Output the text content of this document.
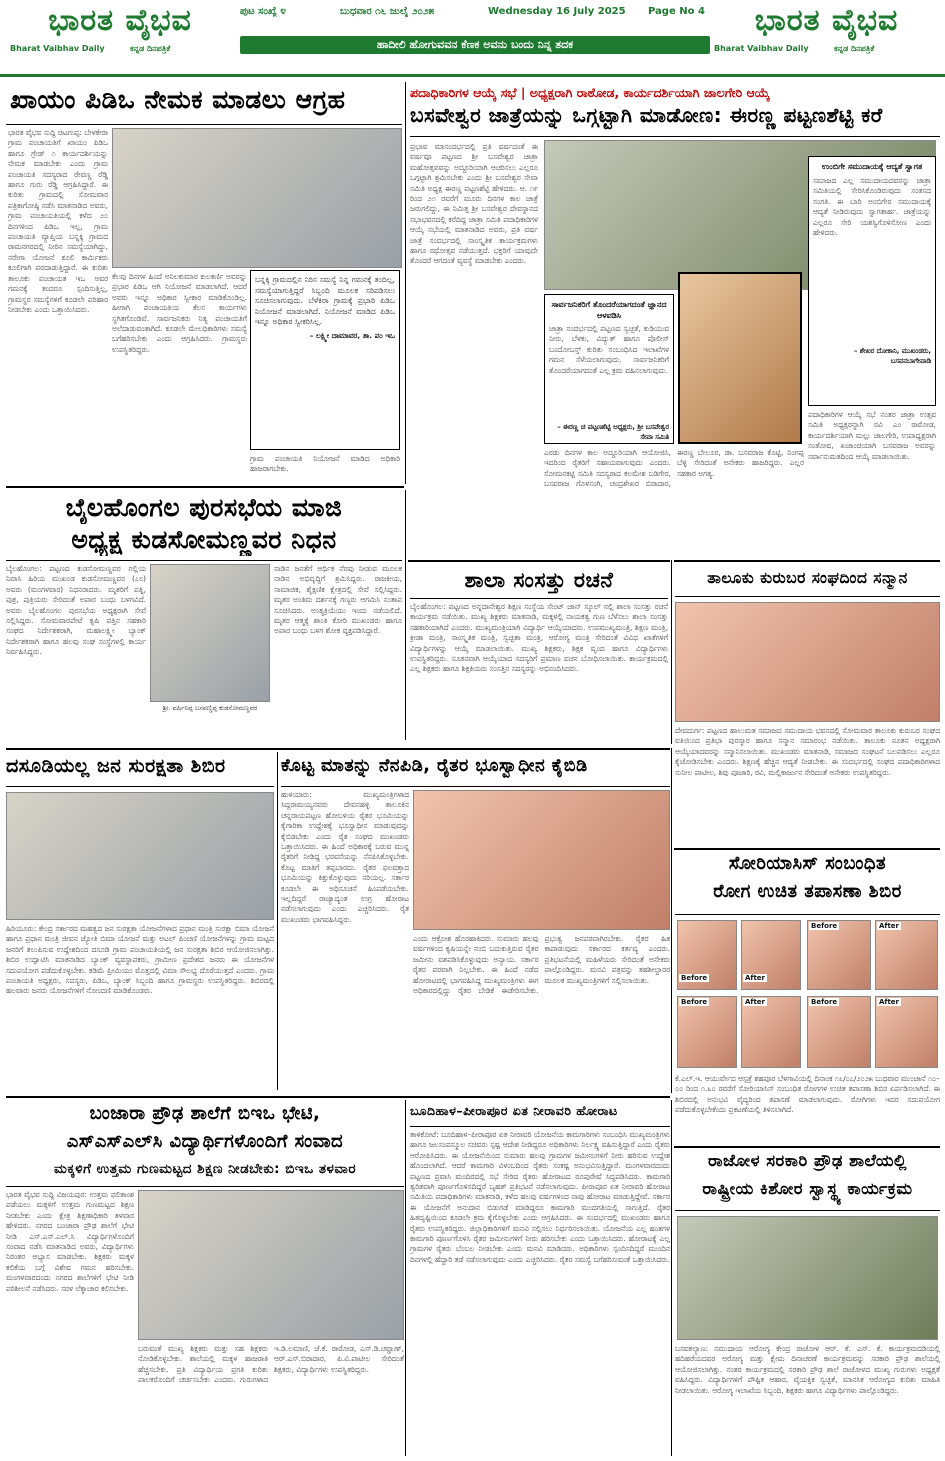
ಭಾರತ ವೈಭವ
Bharat Vaibhav Daily	ಕನ್ನಡ ದಿನಪತ್ರಿಕೆ
ಪುಟ ಸಂಖ್ಯೆ ೪	ಬುಧವಾರ ೧೬ ಜುಲೈ ೨೦೨೫	Wednesday 16 July 2025 Page No 4
ಹಾದೀಲಿ ಹೋಗುವವನ ಕೆಣಕ ಅವನು ಬಂದು ನಿನ್ನ ತದಕ
ಭಾರತ ವೈಭವ
Bharat Vaibhav Daily	ಕನ್ನಡ ದಿನಪತ್ರಿಕೆ
ಖಾಯಂ ಪಿಡಿಒ ನೇಮಕ ಮಾಡಲು ಆಗ್ರಹ
ಭಾರತ ವೈಭವ ಸುದ್ದಿ ಚಿಟಗುಪ್ಪ: ಬೇಳಕೇರಾ ಗ್ರಾಮ ಪಂಚಾಯತಿಗೆ ಖಾಯಂ ಪಿಡಿಒ ಹಾಗೂ ಗ್ರೇಡ್ ೧ ಕಾರ್ಯದರ್ಶಿಯನ್ನು ನೇಮಕ ಮಾಡಬೇಕು ಎಂದು ಗ್ರಾಮ ಪಂಚಾಯತಿ ಸದಸ್ಯರಾದ ರೇವಣ್ಣ ರೆಡ್ಡಿ ಹಾಗೂ ಗುರು ರೆಡ್ಡಿ ಆಗ್ರಹಿಸಿದ್ದಾರೆ. ಈ ಕುರಿತು ಗ್ರಾಮದಲ್ಲಿ ಸೋಮವಾರ ಪತ್ರಿಕಾಗೋಷ್ಠಿ ನಡೆಸಿ ಮಾತನಾಡಿದ ಅವರು, ಗ್ರಾಮ ಪಂಚಾಯತಿಯಲ್ಲಿ ಕಳೆದ ೨೦ ದಿನಗಳಿಂದ ಪಿಡಿಒ ಇಲ್ಲ, ಗ್ರಾಮ ಪಂಚಾಯತಿ ವ್ಯಾಪ್ತಿಯ ಬನ್ನಕ್ಕಿ ಗ್ರಾಮದ ರಾಮನಗರದಲ್ಲಿ ನೀರಿನ ಸಮಸ್ಯೆಯಾಗಿದ್ದು, ನರೇಗಾ ಯೋಜನೆ ಕೂಲಿ ಕಾರ್ಮಿಕರು ಕೂಲಿಗಾಗಿ ಪರದಾಡುತ್ತಿದ್ದಾರೆ. ಈ ಕುರಿತು ತಾಲೂಕು ಪಂಚಾಯತ ಇಒ ಅವರ ಗಮನಕ್ಕೆ ತಂದರೂ ಸ್ಪಂದಿಸುತ್ತಿಲ್ಲ, ಗ್ರಾಮಸ್ಥರ ಸಮಸ್ಯೆಗಳಿಗೆ ಕೂಡಲೇ ಪರಿಹಾರ ನೀಡಬೇಕು ಎಂದು ಒತ್ತಾಯಿಸಿದರು.
ಕೆಲವು ದಿನಗಳ ಹಿಂದೆ ಅನಿಲಕುಮಾರ ಕುಲಕರ್ಣಿ ಅವರನ್ನು ಪ್ರಭಾರ ಪಿಡಿಒ ಆಗಿ ನಿಯೋಜನೆ ಮಾಡಲಾಗಿದೆ. ಆದರೆ ಅವರು ಇನ್ನೂ ಅಧಿಕಾರ ಸ್ವೀಕಾರ ಮಾಡಿಕೊಂಡಿಲ್ಲ. ಹೀಗಾಗಿ ಪಂಚಾಯತಿಯ ಕೆಲಸ ಕಾರ್ಯಗಳು ಸ್ಥಗಿತಗೊಂಡಿವೆ. ಸಾರ್ವಜನಿಕರು ನಿತ್ಯ ಪಂಚಾಯತಿಗೆ ಅಲೆದಾಡುವಂತಾಗಿದೆ. ಕೂಡಲೇ ಮೇಲಧಿಕಾರಿಗಳು ಸಮಸ್ಯೆ ಬಗೆಹರಿಸಬೇಕು ಎಂದು ಆಗ್ರಹಿಸಿದರು. ಗ್ರಾಮಸ್ಥರು ಉಪಸ್ಥಿತರಿದ್ದರು.
ಬನ್ನಕ್ಕಿ ಗ್ರಾಮದಲ್ಲಿನ ನಿರಿಸ ಸಮಸ್ಯೆ ನಿನ್ನ ಗಮನಕ್ಕೆ ತಂದಿಲ್ಲ, ಸಮಸ್ಯೆಯಾಗುತ್ತಿದ್ದರೆ ಸಿಬ್ಬಂದಿ ಮೂಲಕ ಸರಿಪಡಿಸಲು ಸೂಚಿಸಲಾಗುವುದು. ಬೆಳೆಕಿರಾ ಗ್ರಾಮಕ್ಕೆ ಪ್ರಭಾರಿ ಪಿಡಿಒ ನಿಯೋಜನೆ ಮಾಡಲಾಗಿದೆ. ನಿಯೋಜನೆ ಮಾಡಿದ ಪಿಡಿಒ ಇನ್ನೂ ಅಧಿಕಾರ ಸ್ವೀಕರಿಸಿಲ್ಲ.
– ಲಕ್ಷ್ಮೀ ದಾಮಾವರ, ತಾ. ಪಂ ಇಒ
ಗ್ರಾಮ ಪಂಚಾಯತಿ ನಿಯೋಜನೆ ಮಾಡಿದ ಅಧಿಕಾರಿ ಹಾಜರಾಗಬೇಕು.
ಪದಾಧಿಕಾರಿಗಳ ಆಯ್ಕೆ ಸಭೆ | ಅಧ್ಯಕ್ಷರಾಗಿ ರಾಠೋಡ, ಕಾರ್ಯದರ್ಶಿಯಾಗಿ ಜಾಲಗೇರಿ ಆಯ್ಕೆ
ಬಸವೇಶ್ವರ ಜಾತ್ರೆಯನ್ನು ಒಗ್ಗಟ್ಟಾಗಿ ಮಾಡೋಣ: ಈರಣ್ಣ ಪಟ್ಟಣಶೆಟ್ಟಿ ಕರೆ
ಪ್ರಭಾವ ಮಾಸಂದರ್ಭದಲ್ಲಿ ಪ್ರತಿ ವರ್ಷದಂತೆ ಈ ವರ್ಷವೂ ಪಟ್ಟಣದ ಶ್ರೀ ಬಸವೇಶ್ವರ ಜಾತ್ರಾ ಮಹೋತ್ಸವವನ್ನು ಅದ್ದೂರಿಯಾಗಿ ಆಚರಿಸಲು ಎಲ್ಲರೂ ಒಗ್ಗಟ್ಟಾಗಿ ಶ್ರಮಿಸಬೇಕು ಎಂದು ಶ್ರೀ ಬಸವೇಶ್ವರ ಸೇವಾ ಸಮಿತಿ ಅಧ್ಯಕ್ಷ ಈರಣ್ಣ ಪಟ್ಟಣಶೆಟ್ಟಿ ಹೇಳಿದರು. ಆ. ೧೯ ರಿಂದ ೨೧ ರವರೆಗೆ ಮೂರು ದಿನಗಳ ಕಾಲ ಜಾತ್ರೆ ಜರುಗಲಿದ್ದು, ಈ ನಿಮಿತ್ತ ಶ್ರೀ ಬಸವೇಶ್ವರ ದೇವಸ್ಥಾನದ ಸಭಾಭವನದಲ್ಲಿ ಕರೆದಿದ್ದ ಜಾತ್ರಾ ಸಮಿತಿ ಪದಾಧಿಕಾರಿಗಳ ಆಯ್ಕೆ ಸಭೆಯಲ್ಲಿ ಮಾತನಾಡಿದ ಅವರು, ಪ್ರತಿ ವರ್ಷ ಜಾತ್ರೆ ಸಂದರ್ಭದಲ್ಲಿ ಸಾಂಸ್ಕೃತಿಕ ಕಾರ್ಯಕ್ರಮಗಳು ಹಾಗೂ ರಥೋತ್ಸವ ನಡೆಯುತ್ತದೆ. ಭಕ್ತರಿಗೆ ಯಾವುದೇ ತೊಂದರೆ ಆಗದಂತೆ ವ್ಯವಸ್ಥೆ ಮಾಡಬೇಕು ಎಂದರು.
ಸಾರ್ವಜನಿಕರಿಗೆ ತೊಂದರೆಯಾಗದಂತೆ ಜ್ಞಾನದ ಆಳವಡಿಸಿ
ಜಾತ್ರಾ ಸಂದರ್ಭದಲ್ಲಿ ಪಟ್ಟಣದ ಸ್ವಚ್ಛತೆ, ಕುಡಿಯುವ ನೀರು, ಬೆಳಕು, ವಿದ್ಯುತ್ ಹಾಗೂ ಪೊಲೀಸ್ ಬಂದೋಬಸ್ತ್ ಕುರಿತು ಸಂಬಂಧಿಸಿದ ಇಲಾಖೆಗಳ ಗಮನ ಸೆಳೆಯಲಾಗುವುದು. ಸಾರ್ವಜನಿಕರಿಗೆ ತೊಂದರೆಯಾಗದಂತೆ ಎಲ್ಲ ಕ್ರಮ ವಹಿಸಲಾಗುವುದು.
– ಈರಣ್ಣ ಚ ಪಟ್ಟಣಶೆಟ್ಟಿ ಅಧ್ಯಕ್ಷರು, ಶ್ರೀ ಬಸವೇಶ್ವರ ಸೇವಾ ಸಮಿತಿ
ಉಂಬಿಗೇ ಸಮುದಾಯಕ್ಕೆ ಆದ್ಯತೆ ಸ್ವಾಗತ
ಸಮಾಜದ ಎಲ್ಲ ಸಮುದಾಯದವರನ್ನು ಜಾತ್ರಾ ಸಮಿತಿಯಲ್ಲಿ ಸೇರಿಸಿಕೊಂಡಿರುವುದು ಸಂತಸದ ಸಂಗತಿ. ಈ ಬಾರಿ ಅಂಬಿಗೇರ ಸಮುದಾಯಕ್ಕೆ ಆದ್ಯತೆ ನೀಡಿರುವುದು ಸ್ವಾಗತಾರ್ಹ. ಜಾತ್ರೆಯನ್ನು ಎಲ್ಲರೂ ಸೇರಿ ಯಶಸ್ವಿಗೊಳಿಸೋಣ ಎಂದು ಹೇಳಿದರು.
– ಶೇಖರ ದೋಕಾನಿ, ಮುಖಂಡರು, ಬಸವನಬಾಗೇವಾಡಿ
ಪದಾಧಿಕಾರಿಗಳ ಆಯ್ಕೆ ಸಭೆ ನಂತರ ಜಾತ್ರಾ ಉತ್ಸವ ಸಮಿತಿ ಅಧ್ಯಕ್ಷರನ್ನಾಗಿ ರವಿ ಎಂ ರಾಠೋಡ, ಕಾರ್ಯದರ್ಶಿಯಾಗಿ ಮಲ್ಲು ಜಾಲಗೇರಿ, ಉಪಾಧ್ಯಕ್ಷರಾಗಿ ಸಂತೋಷ, ಖಜಾಂಚಿಯಾಗಿ ಬಸವರಾಜ ಅವರನ್ನು ಸರ್ವಾನುಮತದಿಂದ ಆಯ್ಕೆ ಮಾಡಲಾಯಿತು.
ಎರಡು ದಿನಗಳ ಕಾಲ ಅದ್ದೂರಿಯಾಗಿ ಆಯೋಜಿಸಿ, ಇದರಿಂದ ರೈತರಿಗೆ ಸಹಾಯವಾಗುವುದು ಎಂದರು. ಸೋಮನಕಟ್ಟಿ ಸಮಿತಿ ಸದಸ್ಯರಾದ ಕಲಮೇಶ ಬಡಿಗೇರ, ಬಸವರಾಜ ಗೊಳಸಂಗಿ, ಚಂದ್ರಶೇಖರ ಬಿರಾದಾರ, ಈರಣ್ಣ ಬೇಲೂರ, ಡಾ. ಬಸವರಾಜ ಕೊಟ್ಟಿ, ನಿಂಗಪ್ಪ ಬೆಳ್ಳಿ ಸೇರಿದಂತೆ ಅನೇಕರು ಹಾಜರಿದ್ದರು. ಎಲ್ಲರ ಸಹಕಾರ ಅಗತ್ಯ.
ಬೈಲಹೊಂಗಲ ಪುರಸಭೆಯ ಮಾಜಿ
ಅಧ್ಯಕ್ಷ ಕುಡಸೋಮಣ್ಣವರ ನಿಧನ
ಬೈಲಹೊಂಗಲ: ಪಟ್ಟಣದ ಕುಡಸೋಮಣ್ಣವರ ಗಲ್ಲಿಯ ನಿವಾಸಿ ಹಿರಿಯ ಮುಖಂಡ ಕುಡಸೋಮಣ್ಣವರ (೭೮) ಅವರು (ಮಂಗಳವಾರ) ನಿಧನರಾದರು. ಮೃತರಿಗೆ ಪತ್ನಿ, ಪುತ್ರ, ಪುತ್ರಿಯರು ಸೇರಿದಂತೆ ಅಪಾರ ಬಂಧು ಬಳಗವಿದೆ. ಅವರು ಬೈಲಹೊಂಗಲ ಪುರಸಭೆಯ ಅಧ್ಯಕ್ಷರಾಗಿ ಸೇವೆ ಸಲ್ಲಿಸಿದ್ದರು. ಸೋಮವಾರಪೇಟೆ ಕೃಷಿ ಪತ್ತಿನ ಸಹಕಾರಿ ಸಂಘದ ನಿರ್ದೇಶಕರಾಗಿ, ಮಹಾಲಕ್ಷ್ಮೀ ಬ್ಯಾಂಕ್ ನಿರ್ದೇಶಕರಾಗಿ ಹಾಗೂ ಹಲವು ಸಂಘ ಸಂಸ್ಥೆಗಳಲ್ಲಿ ಕಾರ್ಯ ನಿರ್ವಹಿಸಿದ್ದರು.
ಶ್ರೀ. ವರ್ಷಿನಿಪ್ಪ ಬಸವಣ್ಣಿಪ್ಪ ಕುಡಸೋಮಣ್ಣವರ
ನಾಡಿನ ಜನತೆಗೆ ಆರ್ಥಿಕ ನೆರವು ನೀಡುವ ಮೂಲಕ ನಾಡಿನ ಅಭಿವೃದ್ಧಿಗೆ ಶ್ರಮಿಸಿದ್ದರು. ರಾಜಕೀಯ, ಸಾಮಾಜಿಕ, ಶೈಕ್ಷಣಿಕ ಕ್ಷೇತ್ರದಲ್ಲಿ ಸೇವೆ ಸಲ್ಲಿಸಿದ್ದರು. ಮೃತರ ಅಂತಿಮ ದರ್ಶನಕ್ಕೆ ಗಣ್ಯರು ಆಗಮಿಸಿ ಸಂತಾಪ ಸೂಚಿಸಿದರು. ಅಂತ್ಯಕ್ರಿಯೆಯು ಇಂದು ನಡೆಯಲಿದೆ. ಮೃತರ ಆತ್ಮಕ್ಕೆ ಶಾಂತಿ ಕೋರಿ ಮುಖಂಡರು ಹಾಗೂ ಅಪಾರ ಬಂಧು ಬಳಗ ಶೋಕ ವ್ಯಕ್ತಪಡಿಸಿದ್ದಾರೆ.
ಶಾಲಾ ಸಂಸತ್ತು ರಚನೆ
ಬೈಲಹೊಂಗಲ: ಪಟ್ಟಣದ ಅನ್ನದಾನೇಶ್ವರ ಶಿಕ್ಷಣ ಸಂಸ್ಥೆಯ ಸೇಂಟ್ ಜಾನ್ ಸ್ಕೂಲ್ ನಲ್ಲಿ ಶಾಲಾ ಸಂಸತ್ತು ರಚನೆ ಕಾರ್ಯಕ್ರಮ ನಡೆಯಿತು. ಮುಖ್ಯ ಶಿಕ್ಷಕರು ಮಾತನಾಡಿ, ಮಕ್ಕಳಲ್ಲಿ ನಾಯಕತ್ವ ಗುಣ ಬೆಳೆಸಲು ಶಾಲಾ ಸಂಸತ್ತು ಸಹಕಾರಿಯಾಗಿದೆ ಎಂದರು. ಮುಖ್ಯಮಂತ್ರಿಯಾಗಿ ವಿದ್ಯಾರ್ಥಿ ಆಯ್ಕೆಯಾದರು. ಉಪಮುಖ್ಯಮಂತ್ರಿ, ಶಿಕ್ಷಣ ಮಂತ್ರಿ, ಕ್ರೀಡಾ ಮಂತ್ರಿ, ಸಾಂಸ್ಕೃತಿಕ ಮಂತ್ರಿ, ಸ್ವಚ್ಛತಾ ಮಂತ್ರಿ, ಆರೋಗ್ಯ ಮಂತ್ರಿ ಸೇರಿದಂತೆ ವಿವಿಧ ಖಾತೆಗಳಿಗೆ ವಿದ್ಯಾರ್ಥಿಗಳನ್ನು ಆಯ್ಕೆ ಮಾಡಲಾಯಿತು. ಮುಖ್ಯ ಶಿಕ್ಷಕರು, ಶಿಕ್ಷಕ ವೃಂದ ಹಾಗೂ ವಿದ್ಯಾರ್ಥಿಗಳು ಉಪಸ್ಥಿತರಿದ್ದರು. ನೂತನವಾಗಿ ಆಯ್ಕೆಯಾದ ಸದಸ್ಯರಿಗೆ ಪ್ರಮಾಣ ವಚನ ಬೋಧಿಸಲಾಯಿತು. ಕಾರ್ಯಕ್ರಮದಲ್ಲಿ ಎಲ್ಲ ಶಿಕ್ಷಕರು ಹಾಗೂ ಶಿಕ್ಷಕಿಯರು ಸಂಸತ್ತಿನ ಸದಸ್ಯರನ್ನು ಅಭಿನಂದಿಸಿದರು.
ತಾಲೂಕು ಕುರುಬರ ಸಂಘದಿಂದ ಸನ್ಮಾನ
ದೇವದುರ್ಗ: ಪಟ್ಟಣದ ಹಾಲುಮತ ಸಮಾಜದ ಸಮುದಾಯ ಭವನದಲ್ಲಿ ಸೋಮವಾರ ತಾಲೂಕು ಕುರುಬರ ಸಂಘದ ವತಿಯಿಂದ ಪ್ರತಿಭಾ ಪುರಸ್ಕಾರ ಹಾಗೂ ಸನ್ಮಾನ ಸಮಾರಂಭ ನಡೆಯಿತು. ತಾಲೂಕು ನೂತನ ಅಧ್ಯಕ್ಷರಾಗಿ ಆಯ್ಕೆಯಾದವರನ್ನು ಸನ್ಮಾನಿಸಲಾಯಿತು. ಮುಖಂಡರು ಮಾತನಾಡಿ, ಸಮಾಜದ ಸಂಘಟನೆ ಬಲಪಡಿಸಲು ಎಲ್ಲರೂ ಕೈಜೋಡಿಸಬೇಕು ಎಂದರು. ಶಿಕ್ಷಣಕ್ಕೆ ಹೆಚ್ಚಿನ ಆದ್ಯತೆ ನೀಡಬೇಕು. ಈ ಸಂದರ್ಭದಲ್ಲಿ ಸಂಘದ ಪದಾಧಿಕಾರಿಗಳಾದ ಸುನೀಲ ಪಾಟೀಲ, ಶಿವು ಪೂಜಾರಿ, ರವಿ, ಮಲ್ಲಿಕಾರ್ಜುನ ಸೇರಿದಂತೆ ಅನೇಕರು ಉಪಸ್ಥಿತರಿದ್ದರು.
ದಸೂಡಿಯಲ್ಲ ಜನ ಸುರಕ್ಷತಾ ಶಿಬಿರ
ಹಿರಿಯೂರು: ಕೇಂದ್ರ ಸರ್ಕಾರದ ಮಹತ್ವದ ಜನ ಸುರಕ್ಷತಾ ಯೋಜನೆಗಳಾದ ಪ್ರಧಾನ ಮಂತ್ರಿ ಸುರಕ್ಷಾ ಬಿಮಾ ಯೋಜನೆ ಹಾಗೂ ಪ್ರಧಾನ ಮಂತ್ರಿ ಜೀವನ ಜ್ಯೋತಿ ಬಿಮಾ ಯೋಜನೆ ಮತ್ತು ಅಟಲ್ ಪಿಂಚಣಿ ಯೋಜನೆಗಳನ್ನು ಗ್ರಾಮ ಮಟ್ಟದ ಜನರಿಗೆ ತಲುಪಿಸುವ ಉದ್ದೇಶದಿಂದ ದಸೂಡಿ ಗ್ರಾಮ ಪಂಚಾಯತಿಯಲ್ಲಿ ಜನ ಸುರಕ್ಷತಾ ಶಿಬಿರ ಆಯೋಜಿಸಲಾಗಿತ್ತು. ಶಿಬಿರ ಉದ್ಘಾಟಿಸಿ ಮಾತನಾಡಿದ ಬ್ಯಾಂಕ್ ವ್ಯವಸ್ಥಾಪಕರು, ಗ್ರಾಮೀಣ ಪ್ರದೇಶದ ಜನರು ಈ ಯೋಜನೆಗಳ ಸದುಪಯೋಗ ಪಡೆದುಕೊಳ್ಳಬೇಕು. ಕಡಿಮೆ ಪ್ರೀಮಿಯಂ ಮೊತ್ತದಲ್ಲಿ ವಿಮಾ ಸೌಲಭ್ಯ ದೊರೆಯುತ್ತದೆ ಎಂದರು. ಗ್ರಾಮ ಪಂಚಾಯತಿ ಅಧ್ಯಕ್ಷರು, ಸದಸ್ಯರು, ಪಿಡಿಒ, ಬ್ಯಾಂಕ್ ಸಿಬ್ಬಂದಿ ಹಾಗೂ ಗ್ರಾಮಸ್ಥರು ಉಪಸ್ಥಿತರಿದ್ದರು. ಶಿಬಿರದಲ್ಲಿ ಹಲವಾರು ಜನರು ಯೋಜನೆಗಳಿಗೆ ನೋಂದಣಿ ಮಾಡಿಕೊಂಡರು.
ಕೊಟ್ಟ ಮಾತನ್ನು ನೆನಪಿಡಿ, ರೈತರ ಭೂಸ್ವಾಧೀನ ಕೈಬಿಡಿ
ಹುಳಿಯಾರು: ಮುಖ್ಯಮಂತ್ರಿಗಳಾದ ಸಿದ್ದರಾಮಯ್ಯನವರು ದೇವನಹಳ್ಳಿ ತಾಲೂಕಿನ ಚನ್ನರಾಯಪಟ್ಟಣ ಹೋಬಳಿಯ ರೈತರ ಭೂಮಿಯನ್ನು ಕೈಗಾರಿಕಾ ಉದ್ದೇಶಕ್ಕೆ ಭೂಸ್ವಾಧೀನ ಮಾಡುವುದನ್ನು ಕೈಬಿಡಬೇಕು ಎಂದು ರೈತ ಸಂಘದ ಮುಖಂಡರು ಒತ್ತಾಯಿಸಿದರು. ಈ ಹಿಂದೆ ಅಧಿಕಾರಕ್ಕೆ ಬರುವ ಮುನ್ನ ರೈತರಿಗೆ ನೀಡಿದ್ದ ಭರವಸೆಯನ್ನು ನೆನಪಿಸಿಕೊಳ್ಳಬೇಕು. ಕೊಟ್ಟ ಮಾತಿಗೆ ತಪ್ಪಬಾರದು. ರೈತರ ಫಲವತ್ತಾದ ಭೂಮಿಯನ್ನು ಕಿತ್ತುಕೊಳ್ಳುವುದು ಸರಿಯಲ್ಲ. ಸರ್ಕಾರ ಕೂಡಲೇ ಈ ಅಧಿಸೂಚನೆ ಹಿಂಪಡೆಯಬೇಕು. ಇಲ್ಲದಿದ್ದರೆ ರಾಜ್ಯಾದ್ಯಂತ ಉಗ್ರ ಹೋರಾಟ ನಡೆಸಲಾಗುವುದು ಎಂದು ಎಚ್ಚರಿಸಿದರು. ರೈತ ಮುಖಂಡರು ಭಾಗವಹಿಸಿದ್ದರು.
ಎಂದು ಆಕ್ರೋಶ ಹೊರಹಾಕಿದರು. ಸುಮಾರು ಹಲವು ವರ್ಷಗಳಿಂದ ಕೃಷಿಯನ್ನೇ ನಂಬಿ ಬದುಕುತ್ತಿರುವ ರೈತರ ಜಮೀನು ವಶಪಡಿಸಿಕೊಳ್ಳುವುದು ಅನ್ಯಾಯ. ಸರ್ಕಾರ ರೈತರ ಪರವಾಗಿ ನಿಲ್ಲಬೇಕು. ಈ ಹಿಂದೆ ನಡೆದ ಹೋರಾಟದಲ್ಲಿ ಭಾಗವಹಿಸಿದ್ದ ಮುಖ್ಯಮಂತ್ರಿಗಳು ಈಗ ಅಧಿಕಾರದಲ್ಲಿದ್ದು ರೈತರ ಬೇಡಿಕೆ ಈಡೇರಿಸಬೇಕು. ಪ್ರಭುತ್ವ ಜನಪರವಾಗಿರಬೇಕು. ರೈತರ ಹಿತ ಕಾಪಾಡುವುದು ಸರ್ಕಾರದ ಕರ್ತವ್ಯ ಎಂದರು. ಪ್ರತಿಭಟನೆಯಲ್ಲಿ ಮಹಿಳೆಯರು ಸೇರಿದಂತೆ ಅನೇಕರು ಪಾಲ್ಗೊಂಡಿದ್ದರು. ಮನವಿ ಪತ್ರವನ್ನು ತಹಶೀಲ್ದಾರರ ಮೂಲಕ ಮುಖ್ಯಮಂತ್ರಿಗಳಿಗೆ ಸಲ್ಲಿಸಲಾಯಿತು.
ಸೋರಿಯಾಸಿಸ್ ಸಂಬಂಧಿತ
ರೋಗ ಉಚಿತ ತಪಾಸಣಾ ಶಿಬಿರ
Before	After
Before	After
Before	After	Before	After
ಕೆ.ಎಲ್.ಇ. ಆಯುರ್ವೇದ ಆಸ್ಪತ್ರೆ ಶಹಪೂರ ಬೆಳಗಾವಿಯಲ್ಲಿ ದಿನಾಂಕ ೧೬/೦೭/೨೦೨೫ ಬುಧವಾರ ಮುಂಜಾನೆ ೧೦–೦೦ ರಿಂದ ೧.೩೦ ರವರೆಗೆ ಸೋರಿಯಾಸಿಸ್ ಸಂಬಂಧಿತ ರೋಗಗಳ ಉಚಿತ ತಪಾಸಣಾ ಶಿಬಿರ ಏರ್ಪಡಿಸಲಾಗಿದೆ. ಈ ಶಿಬಿರದಲ್ಲಿ ಅನುಭವಿ ವೈದ್ಯರಿಂದ ತಪಾಸಣೆ ಮಾಡಲಾಗುವುದು. ರೋಗಿಗಳು ಇದರ ಸದುಪಯೋಗ ಪಡೆದುಕೊಳ್ಳಬೇಕೆಂದು ಪ್ರಕಟಣೆಯಲ್ಲಿ ತಿಳಿಸಲಾಗಿದೆ.
ಬಂಜಾರಾ ಪ್ರೌಢ ಶಾಲೆಗೆ ಬಿಇಒ ಭೇಟಿ,
ಎಸ್‌ಎಸ್‌ಎಲ್‌ಸಿ ವಿದ್ಯಾರ್ಥಿಗಳೊಂದಿಗೆ ಸಂವಾದ
ಮಕ್ಕಳಿಗೆ ಉತ್ತಮ ಗುಣಮಟ್ಟದ ಶಿಕ್ಷಣ ನೀಡಬೇಕು: ಬಿಇಒ ತಳವಾರ
ಭಾರತ ವೈಭವ ಸುದ್ದಿ ವಿಜಯಪುರ: ಉತ್ತಮ ಫಲಿತಾಂಶ ಪಡೆಯಲು ಮಕ್ಕಳಿಗೆ ಉತ್ತಮ ಗುಣಮಟ್ಟದ ಶಿಕ್ಷಣ ನೀಡಬೇಕು ಎಂದು ಕ್ಷೇತ್ರ ಶಿಕ್ಷಣಾಧಿಕಾರಿ ತಳವಾರ ಹೇಳಿದರು. ನಗರದ ಬಂಜಾರಾ ಪ್ರೌಢ ಶಾಲೆಗೆ ಭೇಟಿ ನೀಡಿ ಎಸ್.ಎಸ್.ಎಲ್.ಸಿ ವಿದ್ಯಾರ್ಥಿಗಳೊಂದಿಗೆ ಸಂವಾದ ನಡೆಸಿ ಮಾತನಾಡಿದ ಅವರು, ವಿದ್ಯಾರ್ಥಿಗಳು ನಿರಂತರ ಅಭ್ಯಾಸ ಮಾಡಬೇಕು. ಶಿಕ್ಷಕರು ಮಕ್ಕಳ ಕಲಿಕೆಯ ಬಗ್ಗೆ ವಿಶೇಷ ಗಮನ ಹರಿಸಬೇಕು. ಮಂಗಳವಾರದಂದು ನಗರದ ಶಾಲೆಗಳಿಗೆ ಭೇಟಿ ನೀಡಿ ಪರಿಶೀಲನೆ ನಡೆಸಿದರು. ಸರಳ ಲೆಕ್ಕಾಚಾರ ಕಲಿಸಬೇಕು.
ಬರುವಂತೆ ಮುಖ್ಯ ಶಿಕ್ಷಕರು ಮತ್ತು ಸಹ ಶಿಕ್ಷಕರು ನೋಡಿಕೊಳ್ಳಬೇಕು. ಶಾಲೆಯಲ್ಲಿ ಮಕ್ಕಳ ಹಾಜರಾತಿ ಹೆಚ್ಚಿಸಬೇಕು. ಪ್ರತಿ ವಿದ್ಯಾರ್ಥಿಯ ಪ್ರಗತಿ ಕುರಿತು ಪಾಲಕರೊಂದಿಗೆ ಚರ್ಚಿಸಬೇಕು ಎಂದರು. ಗುರುಗಳಾದ ಇ.ಡಿ.ಲಮಾಣಿ, ಜೆ.ಕೆ. ರಾಠೋಡ, ಎಸ್.ಡಿ.ಚವ್ಹಾಣ್, ಆರ್.ಎಸ್.ಬಿರಾದಾರ, ಪಿ.ವಿ.ಪಾಟೀಲ ಸೇರಿದಂತೆ ಶಿಕ್ಷಕರು, ವಿದ್ಯಾರ್ಥಿಗಳು ಉಪಸ್ಥಿತರಿದ್ದರು.
ಬೂದಿಹಾಳ–ಪೀರಾಪೂರ ಏತ ನೀರಾವರಿ ಹೋರಾಟ
ತಾಳಿಕೋಟೆ: ಬೂದಿಹಾಳ–ಪೀರಾಪೂರ ಏತ ನೀರಾವರಿ ಯೋಜನೆಯ ಕಾಮಗಾರಿಗಳು ಸಂಬಂಧಿಸಿ ಮುಖ್ಯಮಂತ್ರಿಗಳು ಹಾಗೂ ಜಲಸಂಪನ್ಮೂಲ ಸಚಿವರು ಸ್ಪಷ್ಟ ಆದೇಶ ನೀಡಿದ್ದರೂ ಅಧಿಕಾರಿಗಳು ನಿರ್ಲಕ್ಷ್ಯ ವಹಿಸುತ್ತಿದ್ದಾರೆ ಎಂದು ರೈತರು ಆರೋಪಿಸಿದರು. ಈ ಯೋಜನೆಯಿಂದ ಸುಮಾರು ಹಲವು ಗ್ರಾಮಗಳ ಜಮೀನುಗಳಿಗೆ ನೀರು ಹರಿಸುವ ಉದ್ದೇಶ ಹೊಂದಲಾಗಿದೆ. ಆದರೆ ಕಾಮಗಾರಿ ವಿಳಂಬದಿಂದ ರೈತರು ಸಂಕಷ್ಟ ಅನುಭವಿಸುತ್ತಿದ್ದಾರೆ. ಮಂಗಳವಾರದಂದು ಪಟ್ಟಣದ ಪ್ರವಾಸಿ ಮಂದಿರದಲ್ಲಿ ಸಭೆ ಸೇರಿದ ರೈತರು ಹೋರಾಟದ ರೂಪುರೇಷೆ ಸಿದ್ಧಪಡಿಸಿದರು. ಕಾಮಗಾರಿ ತ್ವರಿತವಾಗಿ ಪೂರ್ಣಗೊಳಿಸದಿದ್ದರೆ ಬೃಹತ್ ಪ್ರತಿಭಟನೆ ನಡೆಸಲಾಗುವುದು. ಪೀರಾಪೂರ ಏತ ನೀರಾವರಿ ಹೋರಾಟ ಸಮಿತಿಯ ಪದಾಧಿಕಾರಿಗಳು ಮಾತನಾಡಿ, ಕಳೆದ ಹಲವು ವರ್ಷಗಳಿಂದ ನಾವು ಹೋರಾಟ ಮಾಡುತ್ತಿದ್ದೇವೆ. ಸರ್ಕಾರ ಈ ಯೋಜನೆಗೆ ಅನುದಾನ ಬಿಡುಗಡೆ ಮಾಡಿದ್ದರೂ ಕಾಮಗಾರಿ ಮಂದಗತಿಯಲ್ಲಿ ಸಾಗುತ್ತಿದೆ. ರೈತರ ಹಿತದೃಷ್ಟಿಯಿಂದ ಕೂಡಲೇ ಕ್ರಮ ಕೈಗೊಳ್ಳಬೇಕು ಎಂದು ಆಗ್ರಹಿಸಿದರು. ಈ ಸಂದರ್ಭದಲ್ಲಿ ಮುಖಂಡರು ಹಾಗೂ ರೈತರು ಉಪಸ್ಥಿತರಿದ್ದರು. ಜಿಲ್ಲಾಧಿಕಾರಿಗಳಿಗೆ ಮನವಿ ಸಲ್ಲಿಸಲು ನಿರ್ಧರಿಸಲಾಯಿತು. ಯೋಜನೆಯ ಎಲ್ಲ ಹಂತಗಳ ಕಾಮಗಾರಿ ಪೂರ್ಣಗೊಳಿಸಿ ರೈತರ ಜಮೀನುಗಳಿಗೆ ನೀರು ಹರಿಸಬೇಕು ಎಂದು ಒತ್ತಾಯಿಸಿದರು. ಹೋರಾಟಕ್ಕೆ ಎಲ್ಲ ಗ್ರಾಮಗಳ ರೈತರು ಬೆಂಬಲ ನೀಡಬೇಕು ಎಂದು ಮನವಿ ಮಾಡಿದರು. ಅಧಿಕಾರಿಗಳು ಸ್ಪಂದಿಸದಿದ್ದರೆ ಮುಂದಿನ ದಿನಗಳಲ್ಲಿ ಹೆದ್ದಾರಿ ತಡೆ ನಡೆಸಲಾಗುವುದು ಎಂದು ಎಚ್ಚರಿಸಿದರು. ರೈತರ ಸಮಸ್ಯೆ ಬಗೆಹರಿಸುವಂತೆ ಒತ್ತಾಯಿಸಿದರು.
ರಾಜೋಳ ಸರಕಾರಿ ಪ್ರೌಢ ಶಾಲೆಯಲ್ಲಿ
ರಾಷ್ಟ್ರೀಯ ಕಿಶೋರ ಸ್ವಾಸ್ಥ್ಯ ಕಾರ್ಯಕ್ರಮ
ಬಸವಕಲ್ಯಾಣ: ಸಮುದಾಯ ಆರೋಗ್ಯ ಕೇಂದ್ರ ರಾಜೋಳ ಆರ್. ಕೆ. ಎಸ್. ಕೆ. ಕಾರ್ಯಕ್ರಮದಡಿಯಲ್ಲಿ ಹದಿಹರೆಯದವರ ಆರೋಗ್ಯ ಮತ್ತು ಕ್ಷೇಮ ದಿನಾಚರಣೆ ಕಾರ್ಯಕ್ರಮವನ್ನು ಸರಕಾರಿ ಪ್ರೌಢ ಶಾಲೆಯಲ್ಲಿ ಆಯೋಜಿಸಲಾಗಿತ್ತು. ನಂತರ ಕಾರ್ಯಕ್ರಮದಲ್ಲಿ ಸರಕಾರಿ ಪ್ರೌಢ ಶಾಲೆ ರಾಜೋಳದ ಮುಖ್ಯ ಗುರುಗಳು ಅಧ್ಯಕ್ಷತೆ ವಹಿಸಿದ್ದರು. ವಿದ್ಯಾರ್ಥಿಗಳಿಗೆ ಪೌಷ್ಟಿಕ ಆಹಾರ, ವೈಯಕ್ತಿಕ ಸ್ವಚ್ಛತೆ, ಮಾನಸಿಕ ಆರೋಗ್ಯದ ಕುರಿತು ಮಾಹಿತಿ ನೀಡಲಾಯಿತು. ಆರೋಗ್ಯ ಇಲಾಖೆಯ ಸಿಬ್ಬಂದಿ, ಶಿಕ್ಷಕರು ಹಾಗೂ ವಿದ್ಯಾರ್ಥಿಗಳು ಪಾಲ್ಗೊಂಡಿದ್ದರು.
